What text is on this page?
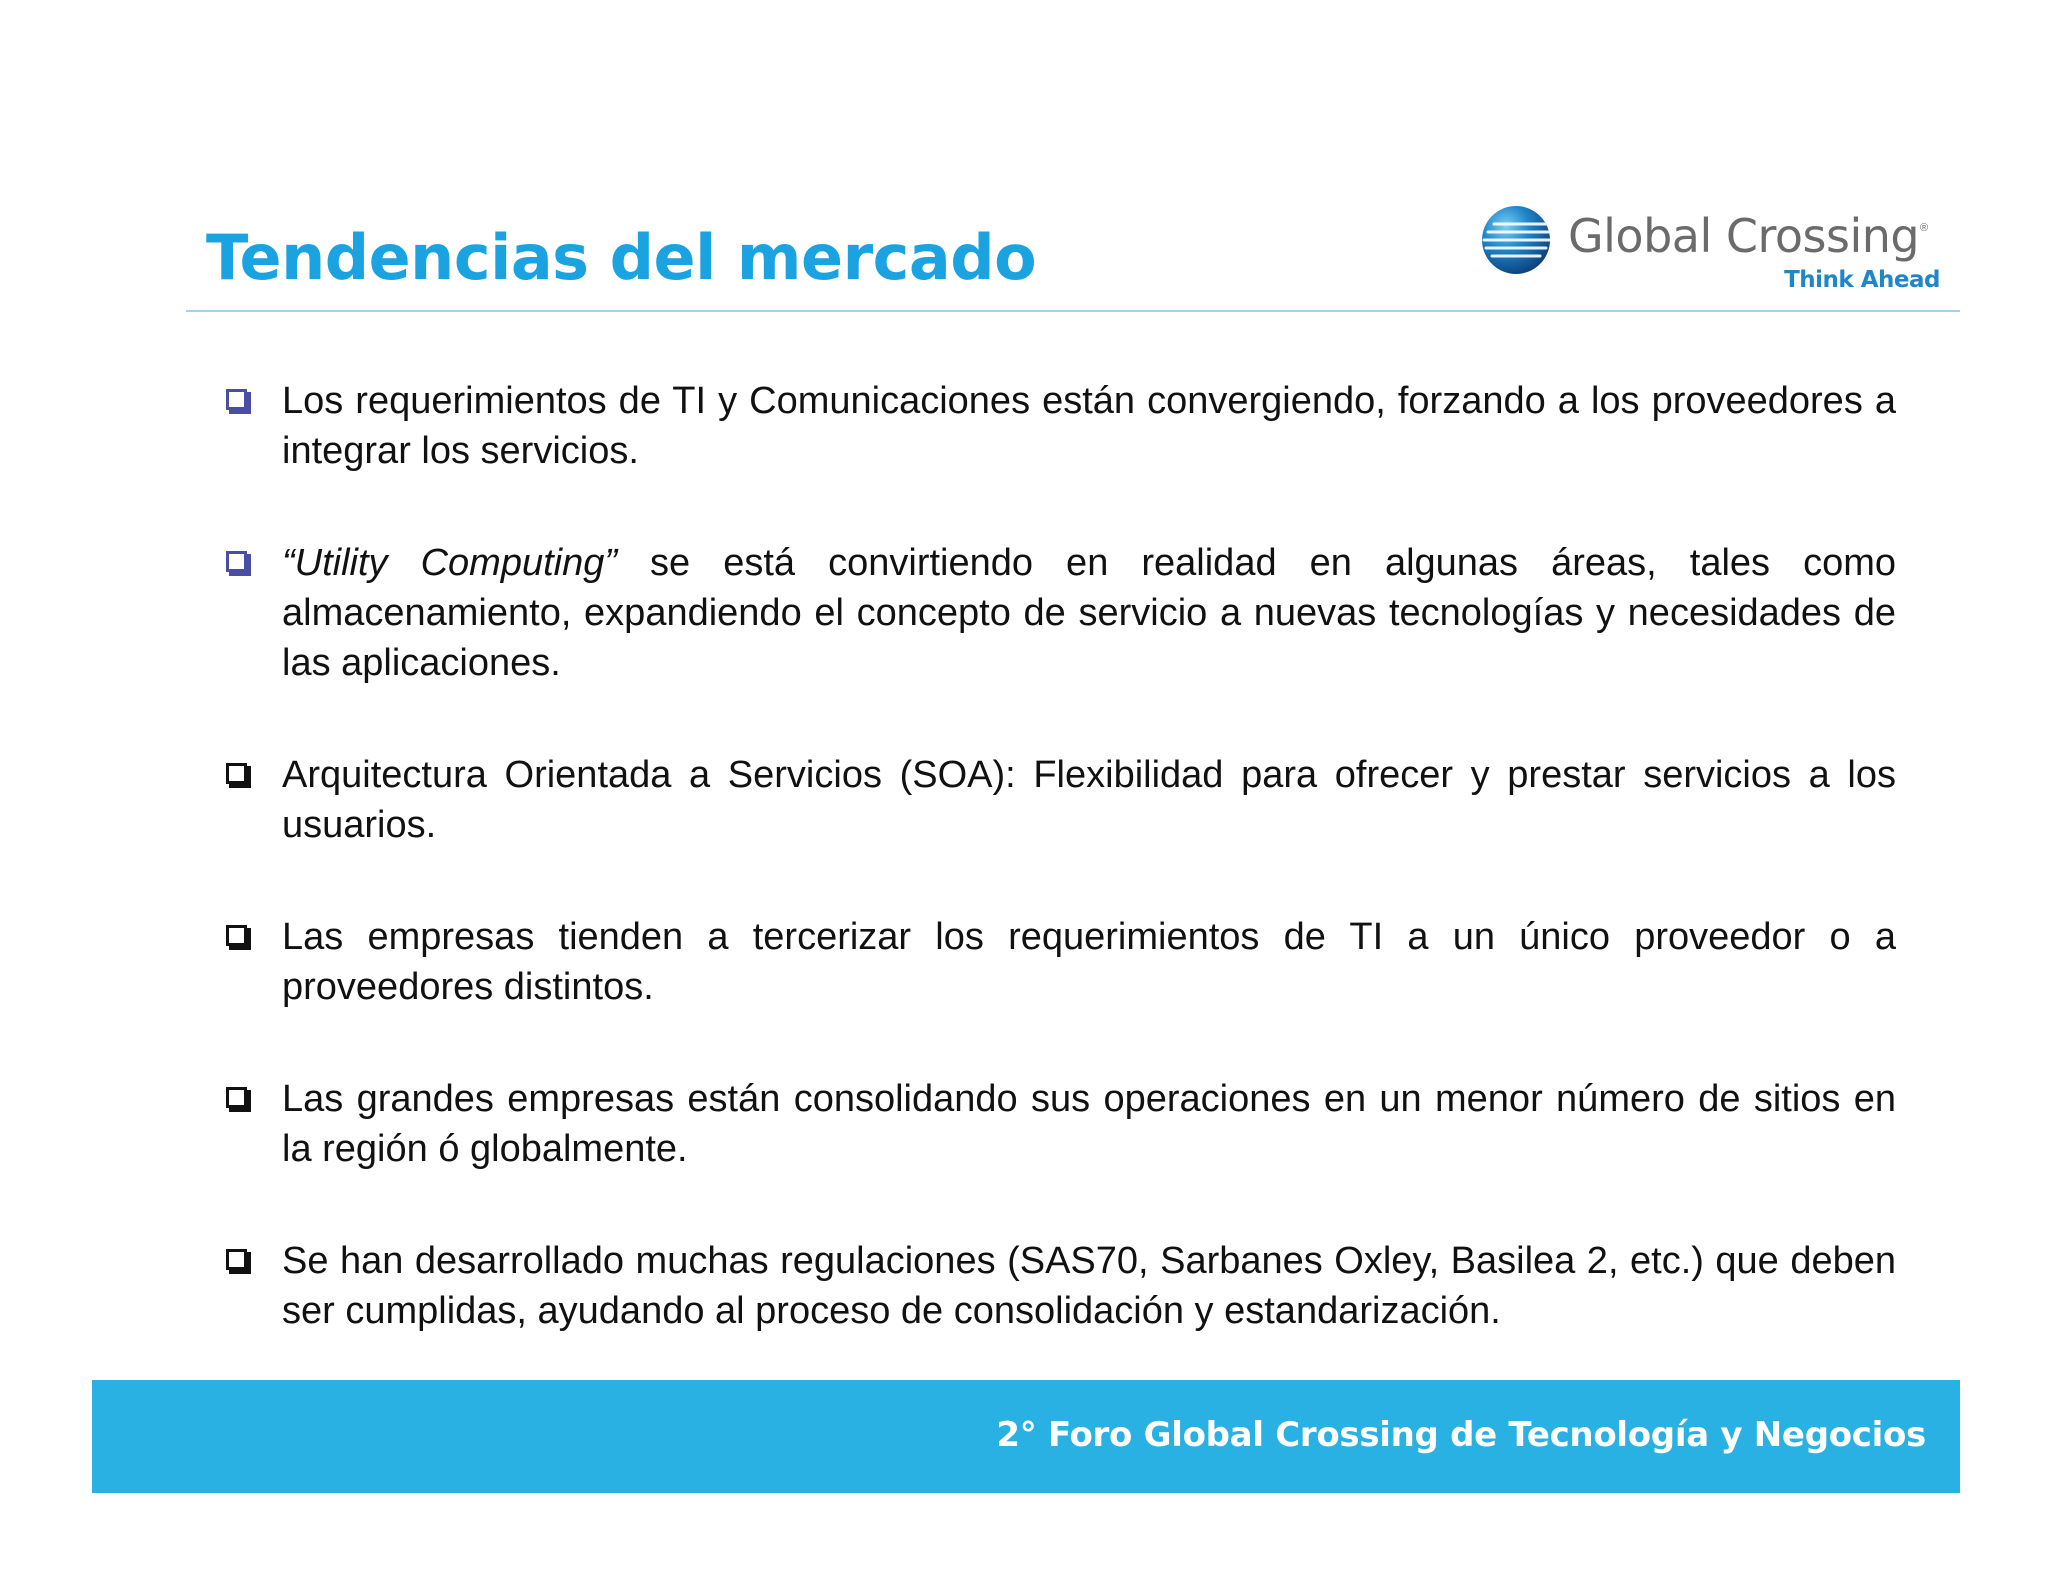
Tendencias del mercado	Global Crossing ®
Think Ahead
Los requerimientos de TI y Comunicaciones están convergiendo, forzando a los proveedores a integrar los servicios.
“Utility Computing” se está convirtiendo en realidad en algunas áreas, tales como almacenamiento, expandiendo el concepto de servicio a nuevas tecnologías y necesidades de las aplicaciones.
Arquitectura Orientada a Servicios (SOA): Flexibilidad para ofrecer y prestar servicios a los usuarios.
Las empresas tienden a tercerizar los requerimientos de TI a un único proveedor o a proveedores distintos.
Las grandes empresas están consolidando sus operaciones en un menor número de sitios en la región ó globalmente.
Se han desarrollado muchas regulaciones (SAS70, Sarbanes Oxley, Basilea 2, etc.) que deben ser cumplidas, ayudando al proceso de consolidación y estandarización.
2° Foro Global Crossing de Tecnología y Negocios
